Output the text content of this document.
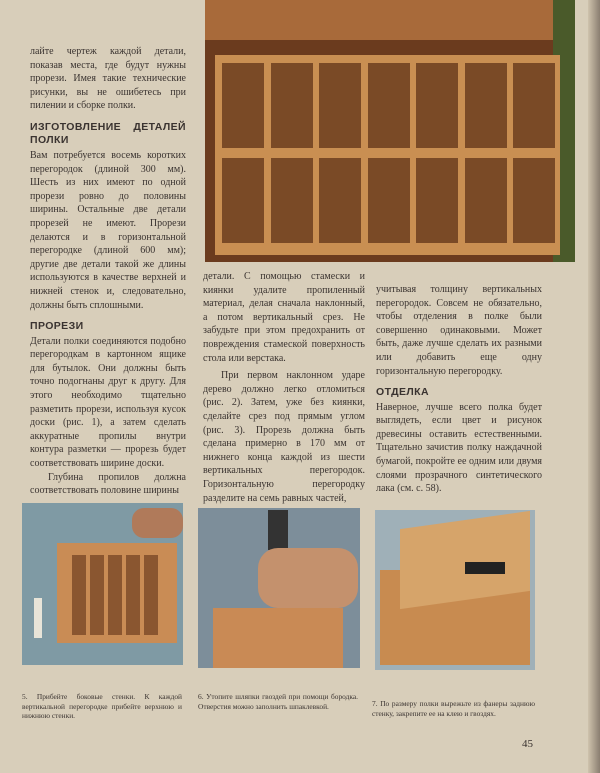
лайте чертеж каждой детали, показав места, где будут нужны прорези. Имея такие технические рисунки, вы не ошибетесь при пилении и сборке полки.

ИЗГОТОВЛЕНИЕ ДЕТАЛЕЙ ПОЛКИ

Вам потребуется восемь коротких перегородок (длиной 300 мм). Шесть из них имеют по одной прорези ровно до половины ширины. Остальные две детали прорезей не имеют. Прорези делаются и в горизонтальной перегородке (длиной 600 мм); другие две детали такой же длины используются в качестве верхней и нижней стенок и, следовательно, должны быть сплошными.

ПРОРЕЗИ

Детали полки соединяются подобно перегородкам в картонном ящике для бутылок. Они должны быть точно подогнаны друг к другу. Для этого необходимо тщательно разметить прорези, используя кусок доски (рис. 1), а затем сделать аккуратные пропилы внутри контура разметки — прорезь будет соответствовать ширине доски.

Глубина пропилов должна соответствовать половине ширины

детали. С помощью стамески и киянки удалите пропиленный материал, делая сначала наклонный, а потом вертикальный срез. Не забудьте при этом предохранить от повреждения стамеской поверхность стола или верстака.

При первом наклонном ударе дерево должно легко отломиться (рис. 2). Затем, уже без киянки, сделайте срез под прямым углом (рис. 3). Прорезь должна быть сделана примерно в 170 мм от нижнего конца каждой из шести вертикальных перегородок. Горизонтальную перегородку разделите на семь равных частей,

учитывая толщину вертикальных перегородок. Совсем не обязательно, чтобы отделения в полке были совершенно одинаковыми. Может быть, даже лучше сделать их разными или добавить еще одну горизонтальную перегородку.

ОТДЕЛКА

Наверное, лучше всего полка будет выглядеть, если цвет и рисунок древесины оставить естественными. Тщательно зачистив полку наждачной бумагой, покройте ее одним или двумя слоями прозрачного синтетического лака (см. с. 58).

5. Прибейте боковые стенки. К каждой вертикальной перегородке прибейте верхнюю и нижнюю стенки.
6. Утопите шляпки гвоздей при помощи бородка. Отверстия можно заполнить шпаклевкой.	7. По размеру полки вырежьте из фанеры заднюю стенку, закрепите ее на клею и гвоздях.
45
